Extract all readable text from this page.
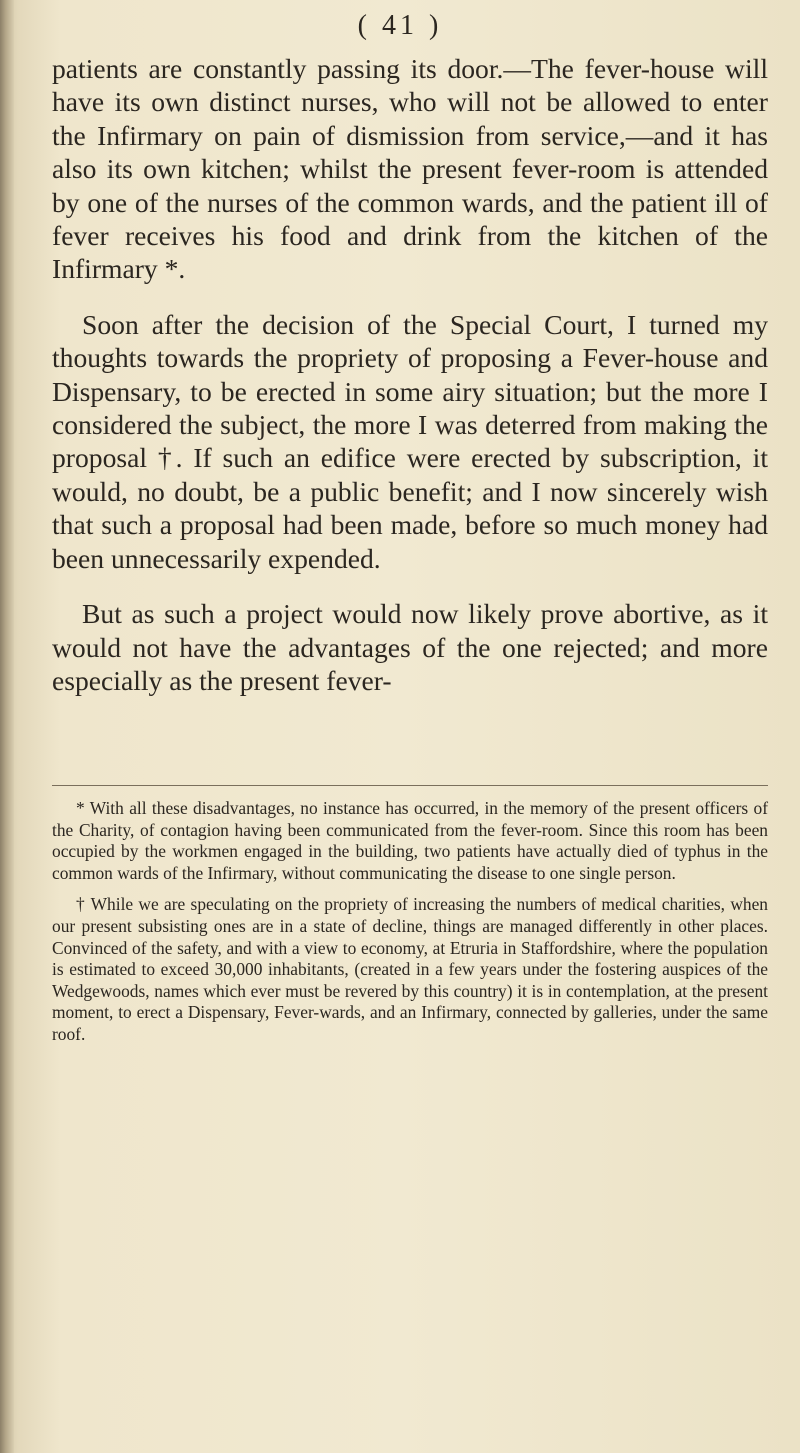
( 41 )

patients are constantly passing its door.—The fever-house will have its own distinct nurses, who will not be allowed to enter the Infirmary on pain of dismission from service,—and it has also its own kitchen; whilst the present fever-room is attended by one of the nurses of the common wards, and the patient ill of fever receives his food and drink from the kitchen of the Infirmary *.

Soon after the decision of the Special Court, I turned my thoughts towards the propriety of proposing a Fever-house and Dispensary, to be erected in some airy situation; but the more I considered the subject, the more I was deterred from making the proposal †. If such an edifice were erected by subscription, it would, no doubt, be a public benefit; and I now sincerely wish that such a proposal had been made, before so much money had been unnecessarily expended.

But as such a project would now likely prove abortive, as it would not have the advantages of the one rejected; and more especially as the present fever-

* With all these disadvantages, no instance has occurred, in the memory of the present officers of the Charity, of contagion having been communicated from the fever-room. Since this room has been occupied by the workmen engaged in the building, two patients have actually died of typhus in the common wards of the Infirmary, without communicating the disease to one single person.

† While we are speculating on the propriety of increasing the numbers of medical charities, when our present subsisting ones are in a state of decline, things are managed differently in other places. Convinced of the safety, and with a view to economy, at Etruria in Staffordshire, where the population is estimated to exceed 30,000 inhabitants, (created in a few years under the fostering auspices of the Wedgewoods, names which ever must be revered by this country) it is in contemplation, at the present moment, to erect a Dispensary, Fever-wards, and an Infirmary, connected by galleries, under the same roof.
